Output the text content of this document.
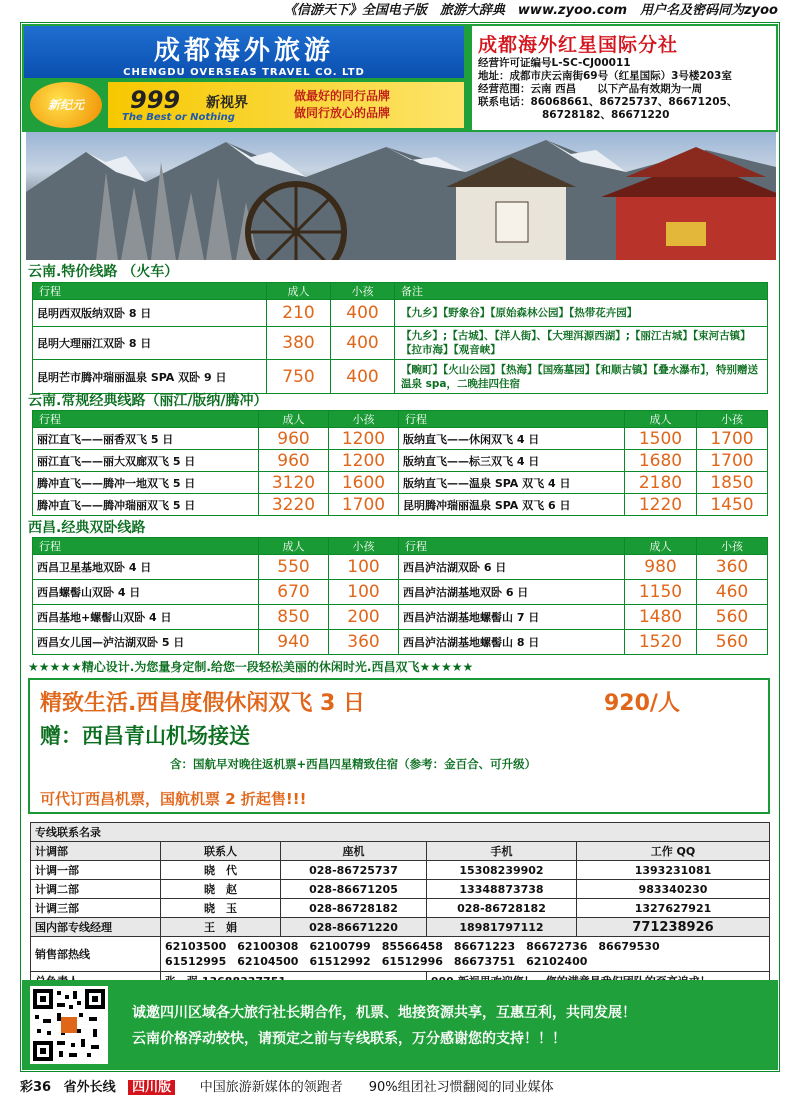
《信游天下》全国电子版　旅游大辞典　www.zyoo.com　用户名及密码同为zyoo
成都海外旅游
CHENGDU OVERSEAS TRAVEL CO. LTD
新纪元	999 新视界
The Best or Nothing
做最好的同行品牌
做同行放心的品牌
成都海外红星国际分社
经营许可证编号L-SC-CJ00011
地址：成都市庆云南街69号（红星国际）3号楼203室
经营范围：云南 西昌　　以下产品有效期为一周
联系电话：86068661、86725737、86671205、
86728182、86671220
云南.特价线路 （火车）
行程	成人	小孩	备注
昆明西双版纳双卧 8 日	210	400	【九乡】【野象谷】【原始森林公园】【热带花卉园】
昆明大理丽江双卧 8 日	380	400	【九乡】;【古城】、【洋人街】、【大理洱源西湖】;【丽江古城】【束河古镇】【拉市海】【观音峡】
昆明芒市腾冲瑞丽温泉 SPA 双卧 9 日	750	400	【畹町】【火山公园】【热海】【国殇墓园】【和顺古镇】【叠水瀑布】，特别赠送温泉 spa，二晚挂四住宿
云南.常规经典线路（丽江/版纳/腾冲）
行程	成人	小孩	行程	成人	小孩
丽江直飞——丽香双飞 5 日	960	1200	版纳直飞——休闲双飞 4 日	1500	1700
丽江直飞——丽大双廊双飞 5 日	960	1200	版纳直飞——标三双飞 4 日	1680	1700
腾冲直飞——腾冲一地双飞 5 日	3120	1600	版纳直飞——温泉 SPA 双飞 4 日	2180	1850
腾冲直飞——腾冲瑞丽双飞 5 日	3220	1700	昆明腾冲瑞丽温泉 SPA 双飞 6 日	1220	1450
西昌.经典双卧线路
行程	成人	小孩	行程	成人	小孩
西昌卫星基地双卧 4 日	550	100	西昌泸沽湖双卧 6 日	980	360
西昌螺髻山双卧 4 日	670	100	西昌泸沽湖基地双卧 6 日	1150	460
西昌基地+螺髻山双卧 4 日	850	200	西昌泸沽湖基地螺髻山 7 日	1480	560
西昌女儿国—泸沽湖双卧 5 日	940	360	西昌泸沽湖基地螺髻山 8 日	1520	560
★★★★★精心设计.为您量身定制.给您一段轻松美丽的休闲时光.西昌双飞★★★★★
精致生活.西昌度假休闲双飞 3 日	920/人
赠：西昌青山机场接送
含：国航早对晚往返机票+西昌四星精致住宿（参考：金百合、可升级）
可代订西昌机票，国航机票 2 折起售!!!
专线联系名录				
计调部	联系人	座机	手机	工作 QQ
计调一部	晓　代	028-86725737	15308239902	1393231081
计调二部	晓　赵	028-86671205	13348873738	983340230
计调三部	晓　玉	028-86728182	028-86728182	1327627921
国内部专线经理	王　娟	028-86671220	18981797112	771238926
销售部热线	62103500　62100308　62100799　85566458　86671223　86672736　86679530
61512995　62104500　61512992　61512996　86673751　62102400			

诚邀四川区域各大旅行社长期合作，机票、地接资源共享，互惠互利，共同发展！
云南价格浮动较快，请预定之前与专线联系，万分感谢您的支持！！！
彩36 省外长线 四川版 中国旅游新媒体的领跑者　　90%组团社习惯翻阅的同业媒体
